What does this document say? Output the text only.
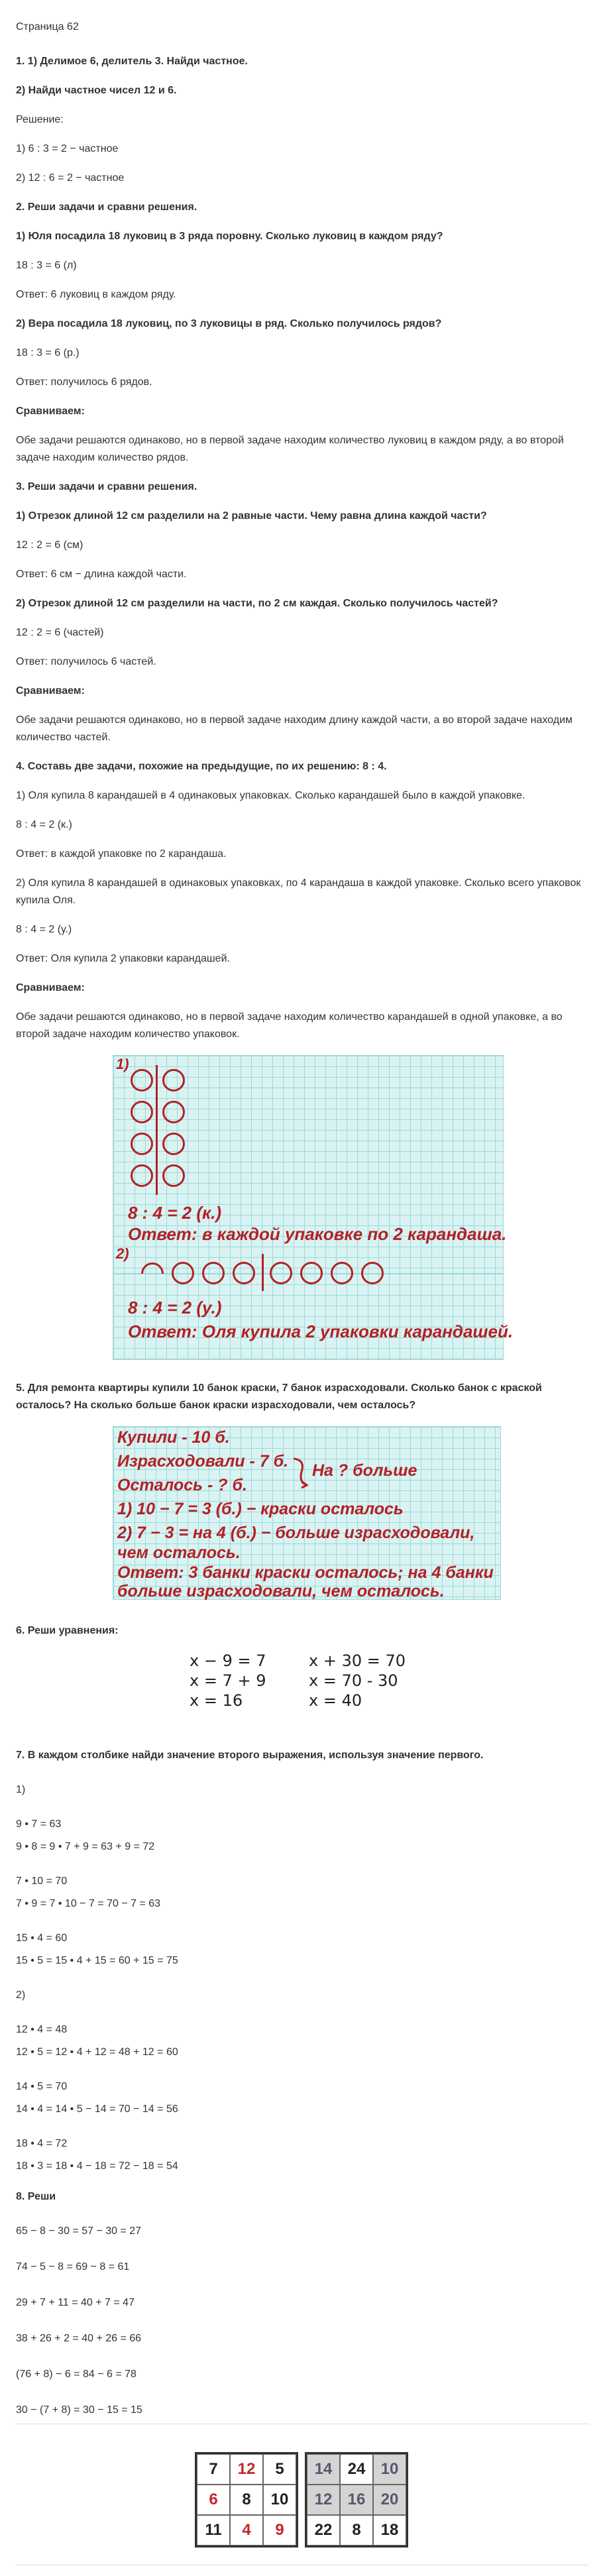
Страница 62

1. 1) Делимое 6, делитель 3. Найди частное.

2) Найди частное чисел 12 и 6.

Решение:

1) 6 : 3 = 2 − частное

2) 12 : 6 = 2 − частное

2. Реши задачи и сравни решения.

1) Юля посадила 18 луковиц в 3 ряда поровну. Сколько луковиц в каждом ряду?

18 : 3 = 6 (л)

Ответ: 6 луковиц в каждом ряду.

2) Вера посадила 18 луковиц, по 3 луковицы в ряд. Сколько получилось рядов?

18 : 3 = 6 (р.)

Ответ: получилось 6 рядов.

Сравниваем:

Обе задачи решаются одинаково, но в первой задаче находим количество луковиц в каждом ряду, а во второй задаче находим количество рядов.

3. Реши задачи и сравни решения.

1) Отрезок длиной 12 см разделили на 2 равные части. Чему равна длина каждой части?

12 : 2 = 6 (см)

Ответ: 6 см − длина каждой части.

2) Отрезок длиной 12 см разделили на части, по 2 см каждая. Сколько получилось частей?

12 : 2 = 6 (частей)

Ответ: получилось 6 частей.

Сравниваем:

Обе задачи решаются одинаково, но в первой задаче находим длину каждой части, а во второй задаче находим количество частей.

4. Составь две задачи, похожие на предыдущие, по их решению: 8 : 4.

1) Оля купила 8 карандашей в 4 одинаковых упаковках. Сколько карандашей было в каждой упаковке.

8 : 4 = 2 (к.)

Ответ: в каждой упаковке по 2 карандаша.

2) Оля купила 8 карандашей в одинаковых упаковках, по 4 карандаша в каждой упаковке. Сколько всего упаковок купила Оля.

8 : 4 = 2 (у.)

Ответ: Оля купила 2 упаковки карандашей.

Сравниваем:

Обе задачи решаются одинаково, но в первой задаче находим количество карандашей в одной упаковке, а во второй задаче находим количество упаковок.

1)
8 : 4 = 2 (к.)
Ответ: в каждой упаковке по 2 карандаша.
2)
8 : 4 = 2 (у.)
Ответ: Оля купила 2 упаковки карандашей.

5. Для ремонта квартиры купили 10 банок краски, 7 банок израсходовали. Сколько банок с краской осталось? На сколько больше банок краски израсходовали, чем осталось?

Купили - 10 б.
Израсходовали - 7 б.
Осталось - ? б.
На ? больше
1) 10 − 7 = 3 (б.) − краски осталось
2) 7 − 3 = на 4 (б.) − больше израсходовали,
чем осталось.
Ответ: 3 банки краски осталось; на 4 банки
больше израсходовали, чем осталось.

6. Реши уравнения:

x − 9 = 7
x = 7 + 9
x = 16
x + 30 = 70
x = 70 - 30
x = 40

7. В каждом столбике найди значение второго выражения, используя значение первого.

1)

9 • 7 = 63

9 • 8 = 9 • 7 + 9 = 63 + 9 = 72

7 • 10 = 70

7 • 9 = 7 • 10 − 7 = 70 − 7 = 63

15 • 4 = 60

15 • 5 = 15 • 4 + 15 = 60 + 15 = 75

2)

12 • 4 = 48

12 • 5 = 12 • 4 + 12 = 48 + 12 = 60

14 • 5 = 70

14 • 4 = 14 • 5 − 14 = 70 − 14 = 56

18 • 4 = 72

18 • 3 = 18 • 4 − 18 = 72 − 18 = 54

8. Реши

65 − 8 − 30 = 57 − 30 = 27

74 − 5 − 8 = 69 − 8 = 61

29 + 7 + 11 = 40 + 7 = 47

38 + 26 + 2 = 40 + 26 = 66

(76 + 8) − 6 = 84 − 6 = 78

30 − (7 + 8) = 30 − 15 = 15

7	12	5
6	8	10
11	4	9
14 24 10
12 16 20
22	8	18
